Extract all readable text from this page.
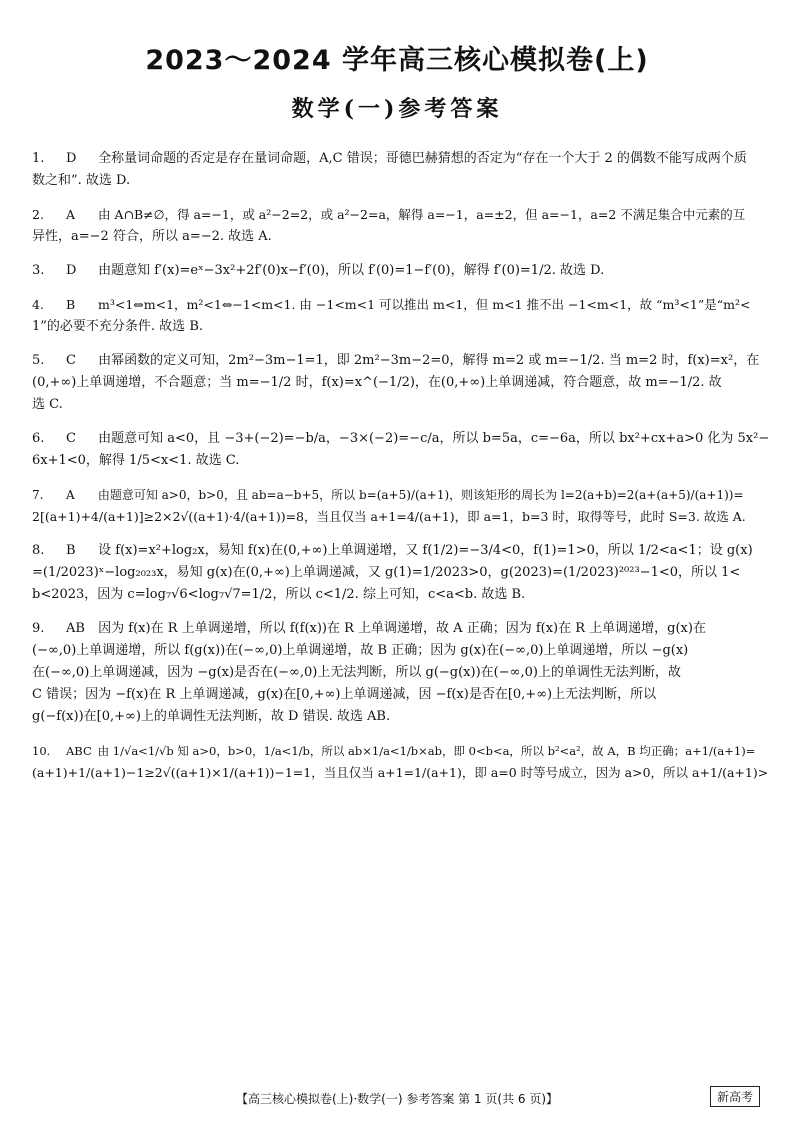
2023～2024 学年高三核心模拟卷(上)
数学(一)参考答案
1. D 全称量词命题的否定是存在量词命题，A,C 错误；哥德巴赫猜想的否定为“存在一个大于 2 的偶数不能写成两个质
数之和”. 故选 D.
2. A 由 A∩B≠∅，得 a=−1，或 a²−2=2，或 a²−2=a，解得 a=−1，a=±2，但 a=−1，a=2 不满足集合中元素的互
异性，a=−2 符合，所以 a=−2. 故选 A.
3. D 由题意知 f′(x)=eˣ−3x²+2f′(0)x−f′(0)，所以 f′(0)=1−f′(0)，解得 f′(0)=1/2. 故选 D.
4. B m³<1⇔m<1，m²<1⇔−1<m<1. 由 −1<m<1 可以推出 m<1，但 m<1 推不出 −1<m<1，故 “m³<1”是“m²<
1”的必要不充分条件. 故选 B.
5. C 由幂函数的定义可知，2m²−3m−1=1，即 2m²−3m−2=0，解得 m=2 或 m=−1/2. 当 m=2 时，f(x)=x²，在
(0,+∞)上单调递增，不合题意；当 m=−1/2 时，f(x)=x^(−1/2)，在(0,+∞)上单调递减，符合题意，故 m=−1/2. 故
选 C.
6. C 由题意可知 a<0，且 −3+(−2)=−b/a，−3×(−2)=−c/a，所以 b=5a，c=−6a，所以 bx²+cx+a>0 化为 5x²−
6x+1<0，解得 1/5<x<1. 故选 C.
7. A 由题意可知 a>0，b>0，且 ab=a−b+5，所以 b=(a+5)/(a+1)，则该矩形的周长为 l=2(a+b)=2(a+(a+5)/(a+1))=
2[(a+1)+4/(a+1)]≥2×2√((a+1)·4/(a+1))=8，当且仅当 a+1=4/(a+1)，即 a=1，b=3 时，取得等号，此时 S=3. 故选 A.
8. B 设 f(x)=x²+log₂x，易知 f(x)在(0,+∞)上单调递增，又 f(1/2)=−3/4<0，f(1)=1>0，所以 1/2<a<1；设 g(x)
=(1/2023)ˣ−log₂₀₂₃x，易知 g(x)在(0,+∞)上单调递减，又 g(1)=1/2023>0，g(2023)=(1/2023)²⁰²³−1<0，所以 1<
b<2023，因为 c=log₇√6<log₇√7=1/2，所以 c<1/2. 综上可知，c<a<b. 故选 B.
9. AB 因为 f(x)在 R 上单调递增，所以 f(f(x))在 R 上单调递增，故 A 正确；因为 f(x)在 R 上单调递增，g(x)在
(−∞,0)上单调递增，所以 f(g(x))在(−∞,0)上单调递增，故 B 正确；因为 g(x)在(−∞,0)上单调递增，所以 −g(x)
在(−∞,0)上单调递减，因为 −g(x)是否在(−∞,0)上无法判断，所以 g(−g(x))在(−∞,0)上的单调性无法判断，故
C 错误；因为 −f(x)在 R 上单调递减，g(x)在[0,+∞)上单调递减，因 −f(x)是否在[0,+∞)上无法判断，所以
g(−f(x))在[0,+∞)上的单调性无法判断，故 D 错误. 故选 AB.
10. ABC 由 1/√a<1/√b 知 a>0，b>0，1/a<1/b，所以 ab×1/a<1/b×ab，即 0<b<a，所以 b²<a²，故 A，B 均正确；a+1/(a+1)=
(a+1)+1/(a+1)−1≥2√((a+1)×1/(a+1))−1=1，当且仅当 a+1=1/(a+1)，即 a=0 时等号成立，因为 a>0，所以 a+1/(a+1)>
【高三核心模拟卷(上)·数学(一) 参考答案 第 1 页(共 6 页)】	新高考
